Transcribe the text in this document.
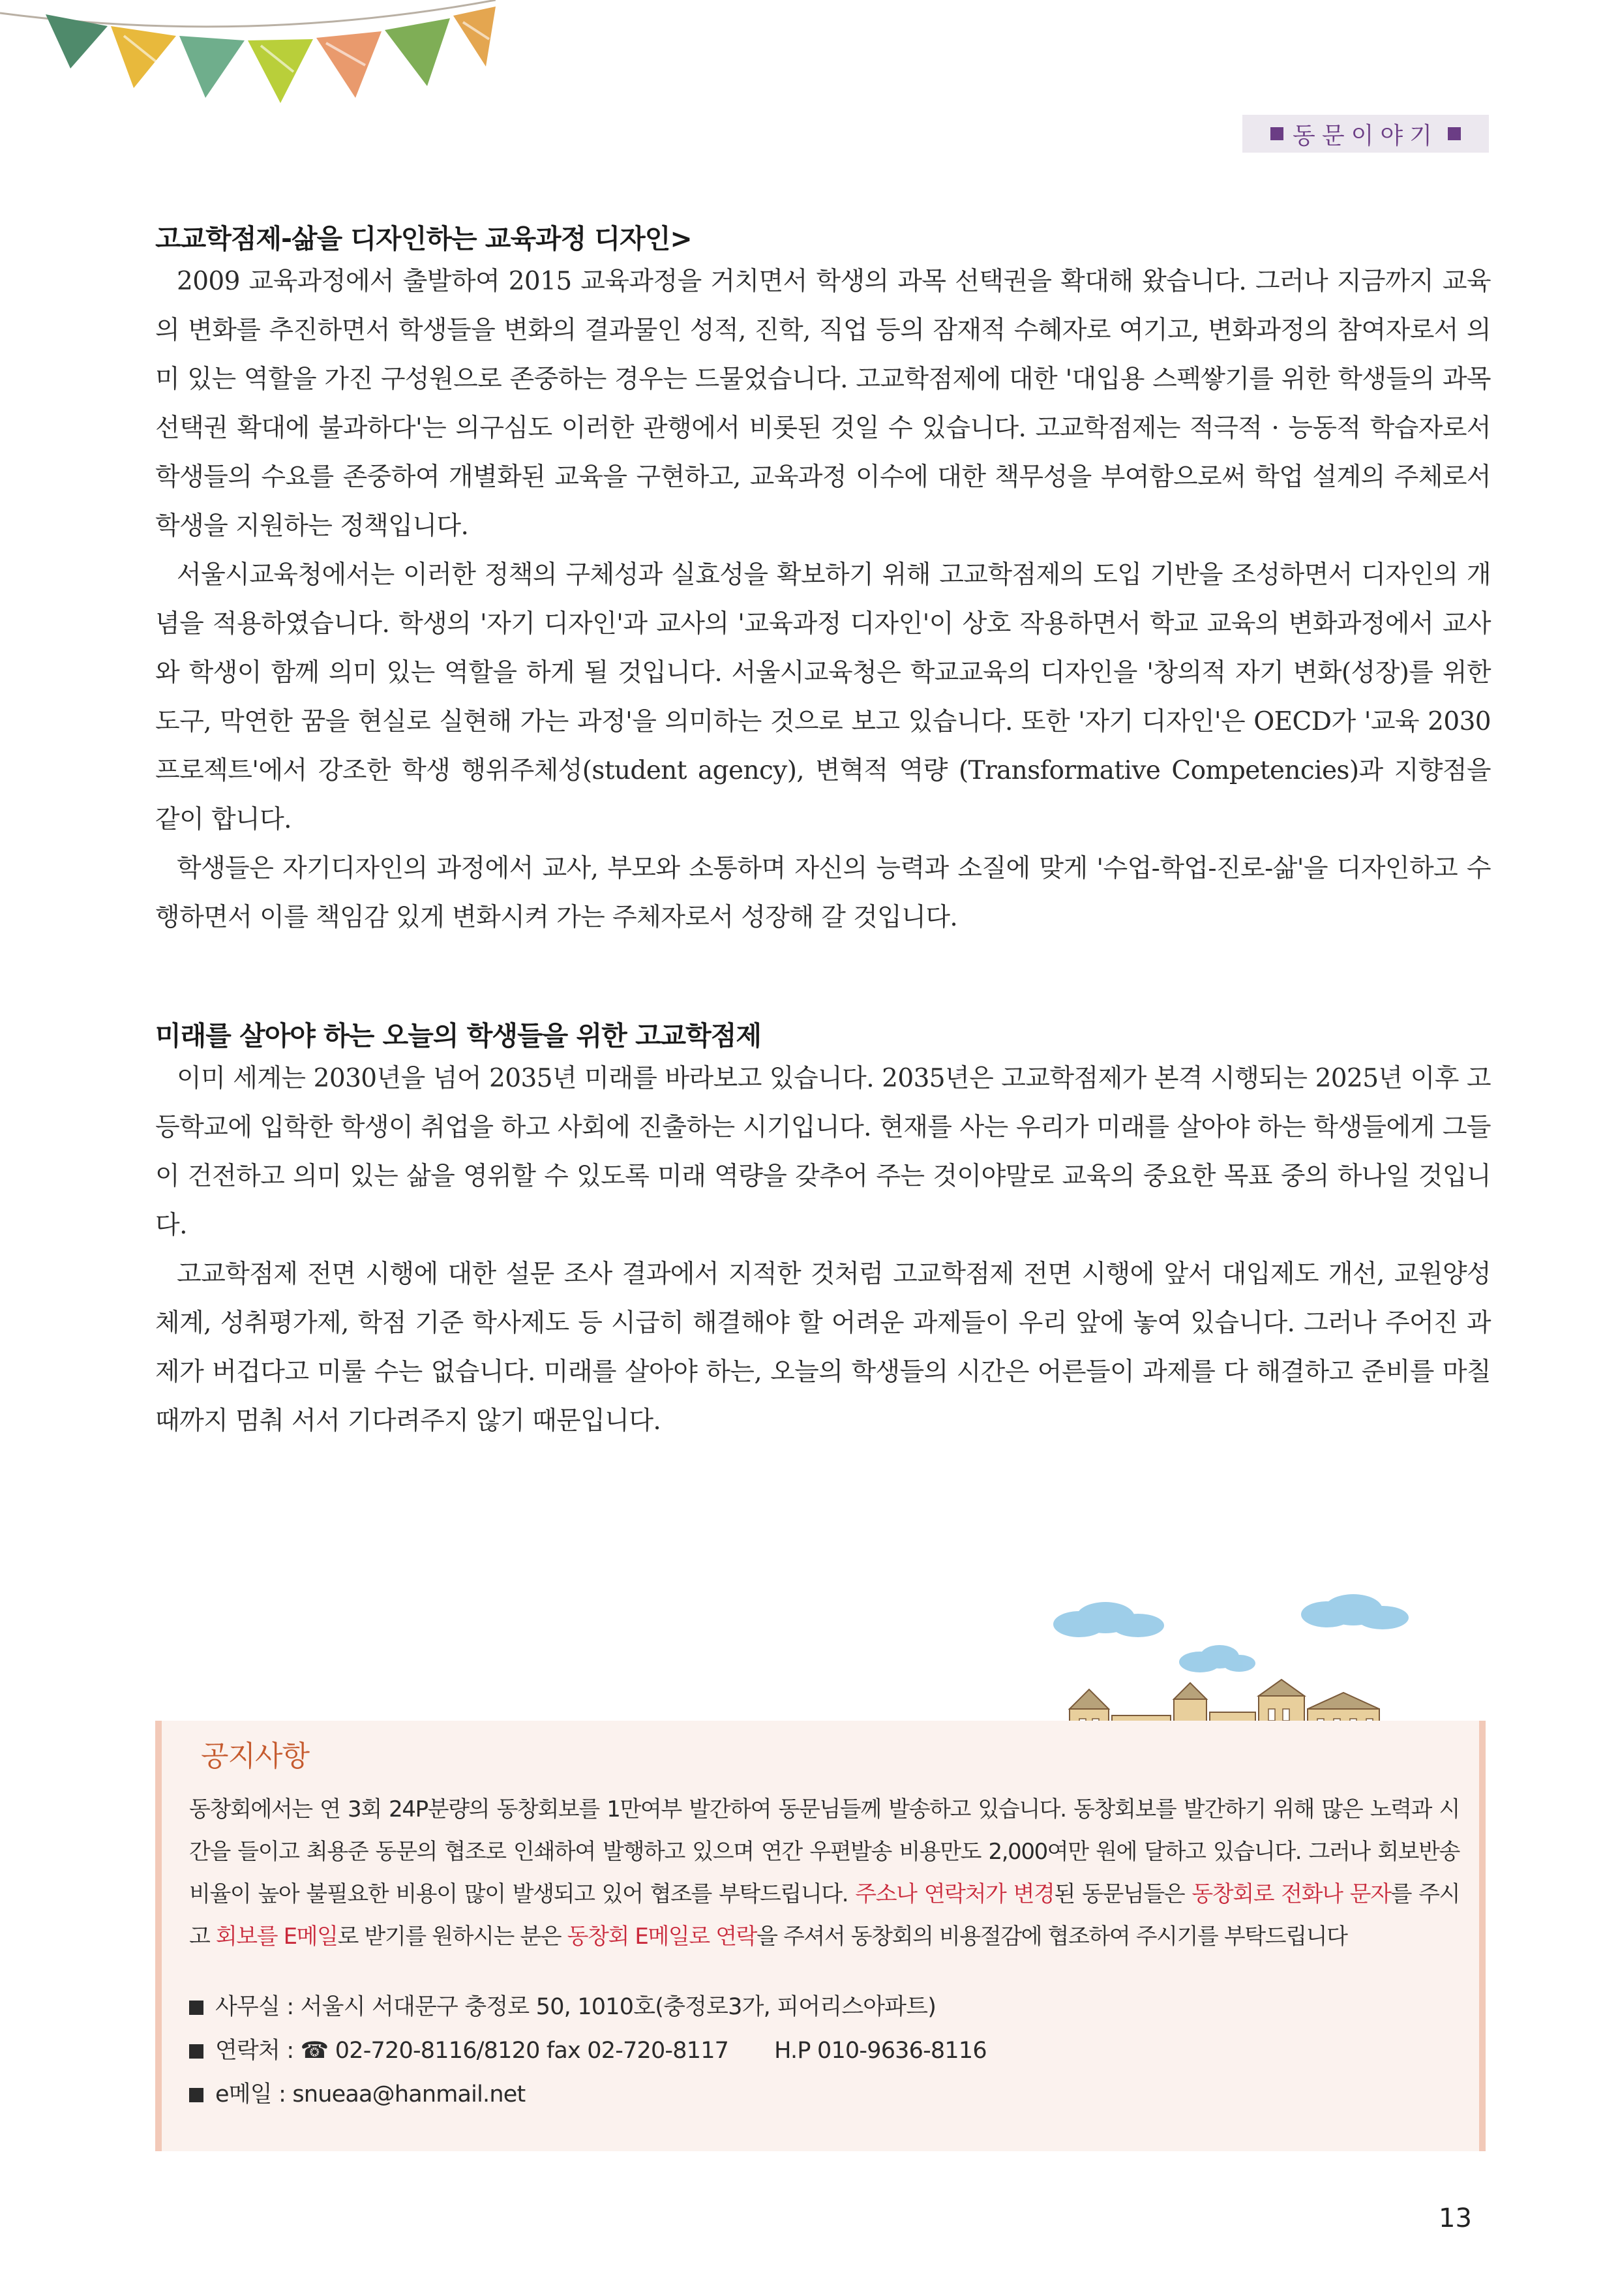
동문이야기
고교학점제-삶을 디자인하는 교육과정 디자인>

2009 교육과정에서 출발하여 2015 교육과정을 거치면서 학생의 과목 선택권을 확대해 왔습니다. 그러나 지금까지 교육의 변화를 추진하면서 학생들을 변화의 결과물인 성적, 진학, 직업 등의 잠재적 수혜자로 여기고, 변화과정의 참여자로서 의미 있는 역할을 가진 구성원으로 존중하는 경우는 드물었습니다. 고교학점제에 대한 '대입용 스펙쌓기를 위한 학생들의 과목 선택권 확대에 불과하다'는 의구심도 이러한 관행에서 비롯된 것일 수 있습니다. 고교학점제는 적극적 · 능동적 학습자로서 학생들의 수요를 존중하여 개별화된 교육을 구현하고, 교육과정 이수에 대한 책무성을 부여함으로써 학업 설계의 주체로서 학생을 지원하는 정책입니다.

서울시교육청에서는 이러한 정책의 구체성과 실효성을 확보하기 위해 고교학점제의 도입 기반을 조성하면서 디자인의 개념을 적용하였습니다. 학생의 '자기 디자인'과 교사의 '교육과정 디자인'이 상호 작용하면서 학교 교육의 변화과정에서 교사와 학생이 함께 의미 있는 역할을 하게 될 것입니다. 서울시교육청은 학교교육의 디자인을 '창의적 자기 변화(성장)를 위한 도구, 막연한 꿈을 현실로 실현해 가는 과정'을 의미하는 것으로 보고 있습니다. 또한 '자기 디자인'은 OECD가 '교육 2030 프로젝트'에서 강조한 학생 행위주체성(student agency), 변혁적 역량 (Transformative Competencies)과 지향점을 같이 합니다.

학생들은 자기디자인의 과정에서 교사, 부모와 소통하며 자신의 능력과 소질에 맞게 '수업-학업-진로-삶'을 디자인하고 수행하면서 이를 책임감 있게 변화시켜 가는 주체자로서 성장해 갈 것입니다.

미래를 살아야 하는 오늘의 학생들을 위한 고교학점제

이미 세계는 2030년을 넘어 2035년 미래를 바라보고 있습니다. 2035년은 고교학점제가 본격 시행되는 2025년 이후 고등학교에 입학한 학생이 취업을 하고 사회에 진출하는 시기입니다. 현재를 사는 우리가 미래를 살아야 하는 학생들에게 그들이 건전하고 의미 있는 삶을 영위할 수 있도록 미래 역량을 갖추어 주는 것이야말로 교육의 중요한 목표 중의 하나일 것입니다.

고교학점제 전면 시행에 대한 설문 조사 결과에서 지적한 것처럼 고교학점제 전면 시행에 앞서 대입제도 개선, 교원양성 체계, 성취평가제, 학점 기준 학사제도 등 시급히 해결해야 할 어려운 과제들이 우리 앞에 놓여 있습니다. 그러나 주어진 과제가 버겁다고 미룰 수는 없습니다. 미래를 살아야 하는, 오늘의 학생들의 시간은 어른들이 과제를 다 해결하고 준비를 마칠 때까지 멈춰 서서 기다려주지 않기 때문입니다.

공지사항
동창회에서는 연 3회 24P분량의 동창회보를 1만여부 발간하여 동문님들께 발송하고 있습니다. 동창회보를 발간하기 위해 많은 노력과 시간을 들이고 최용준 동문의 협조로 인쇄하여 발행하고 있으며 연간 우편발송 비용만도 2,000여만 원에 달하고 있습니다. 그러나 회보반송비율이 높아 불필요한 비용이 많이 발생되고 있어 협조를 부탁드립니다. 주소나 연락처가 변경된 동문님들은 동창회로 전화나 문자를 주시고 회보를 E메일로 받기를 원하시는 분은 동창회 E메일로 연락을 주셔서 동창회의 비용절감에 협조하여 주시기를 부탁드립니다
사무실 : 서울시 서대문구 충정로 50, 1010호(충정로3가, 피어리스아파트)
연락처 : ☎ 02-720-8116/8120 fax 02-720-8117 H.P 010-9636-8116
e메일 : snueaa@hanmail.net
13
